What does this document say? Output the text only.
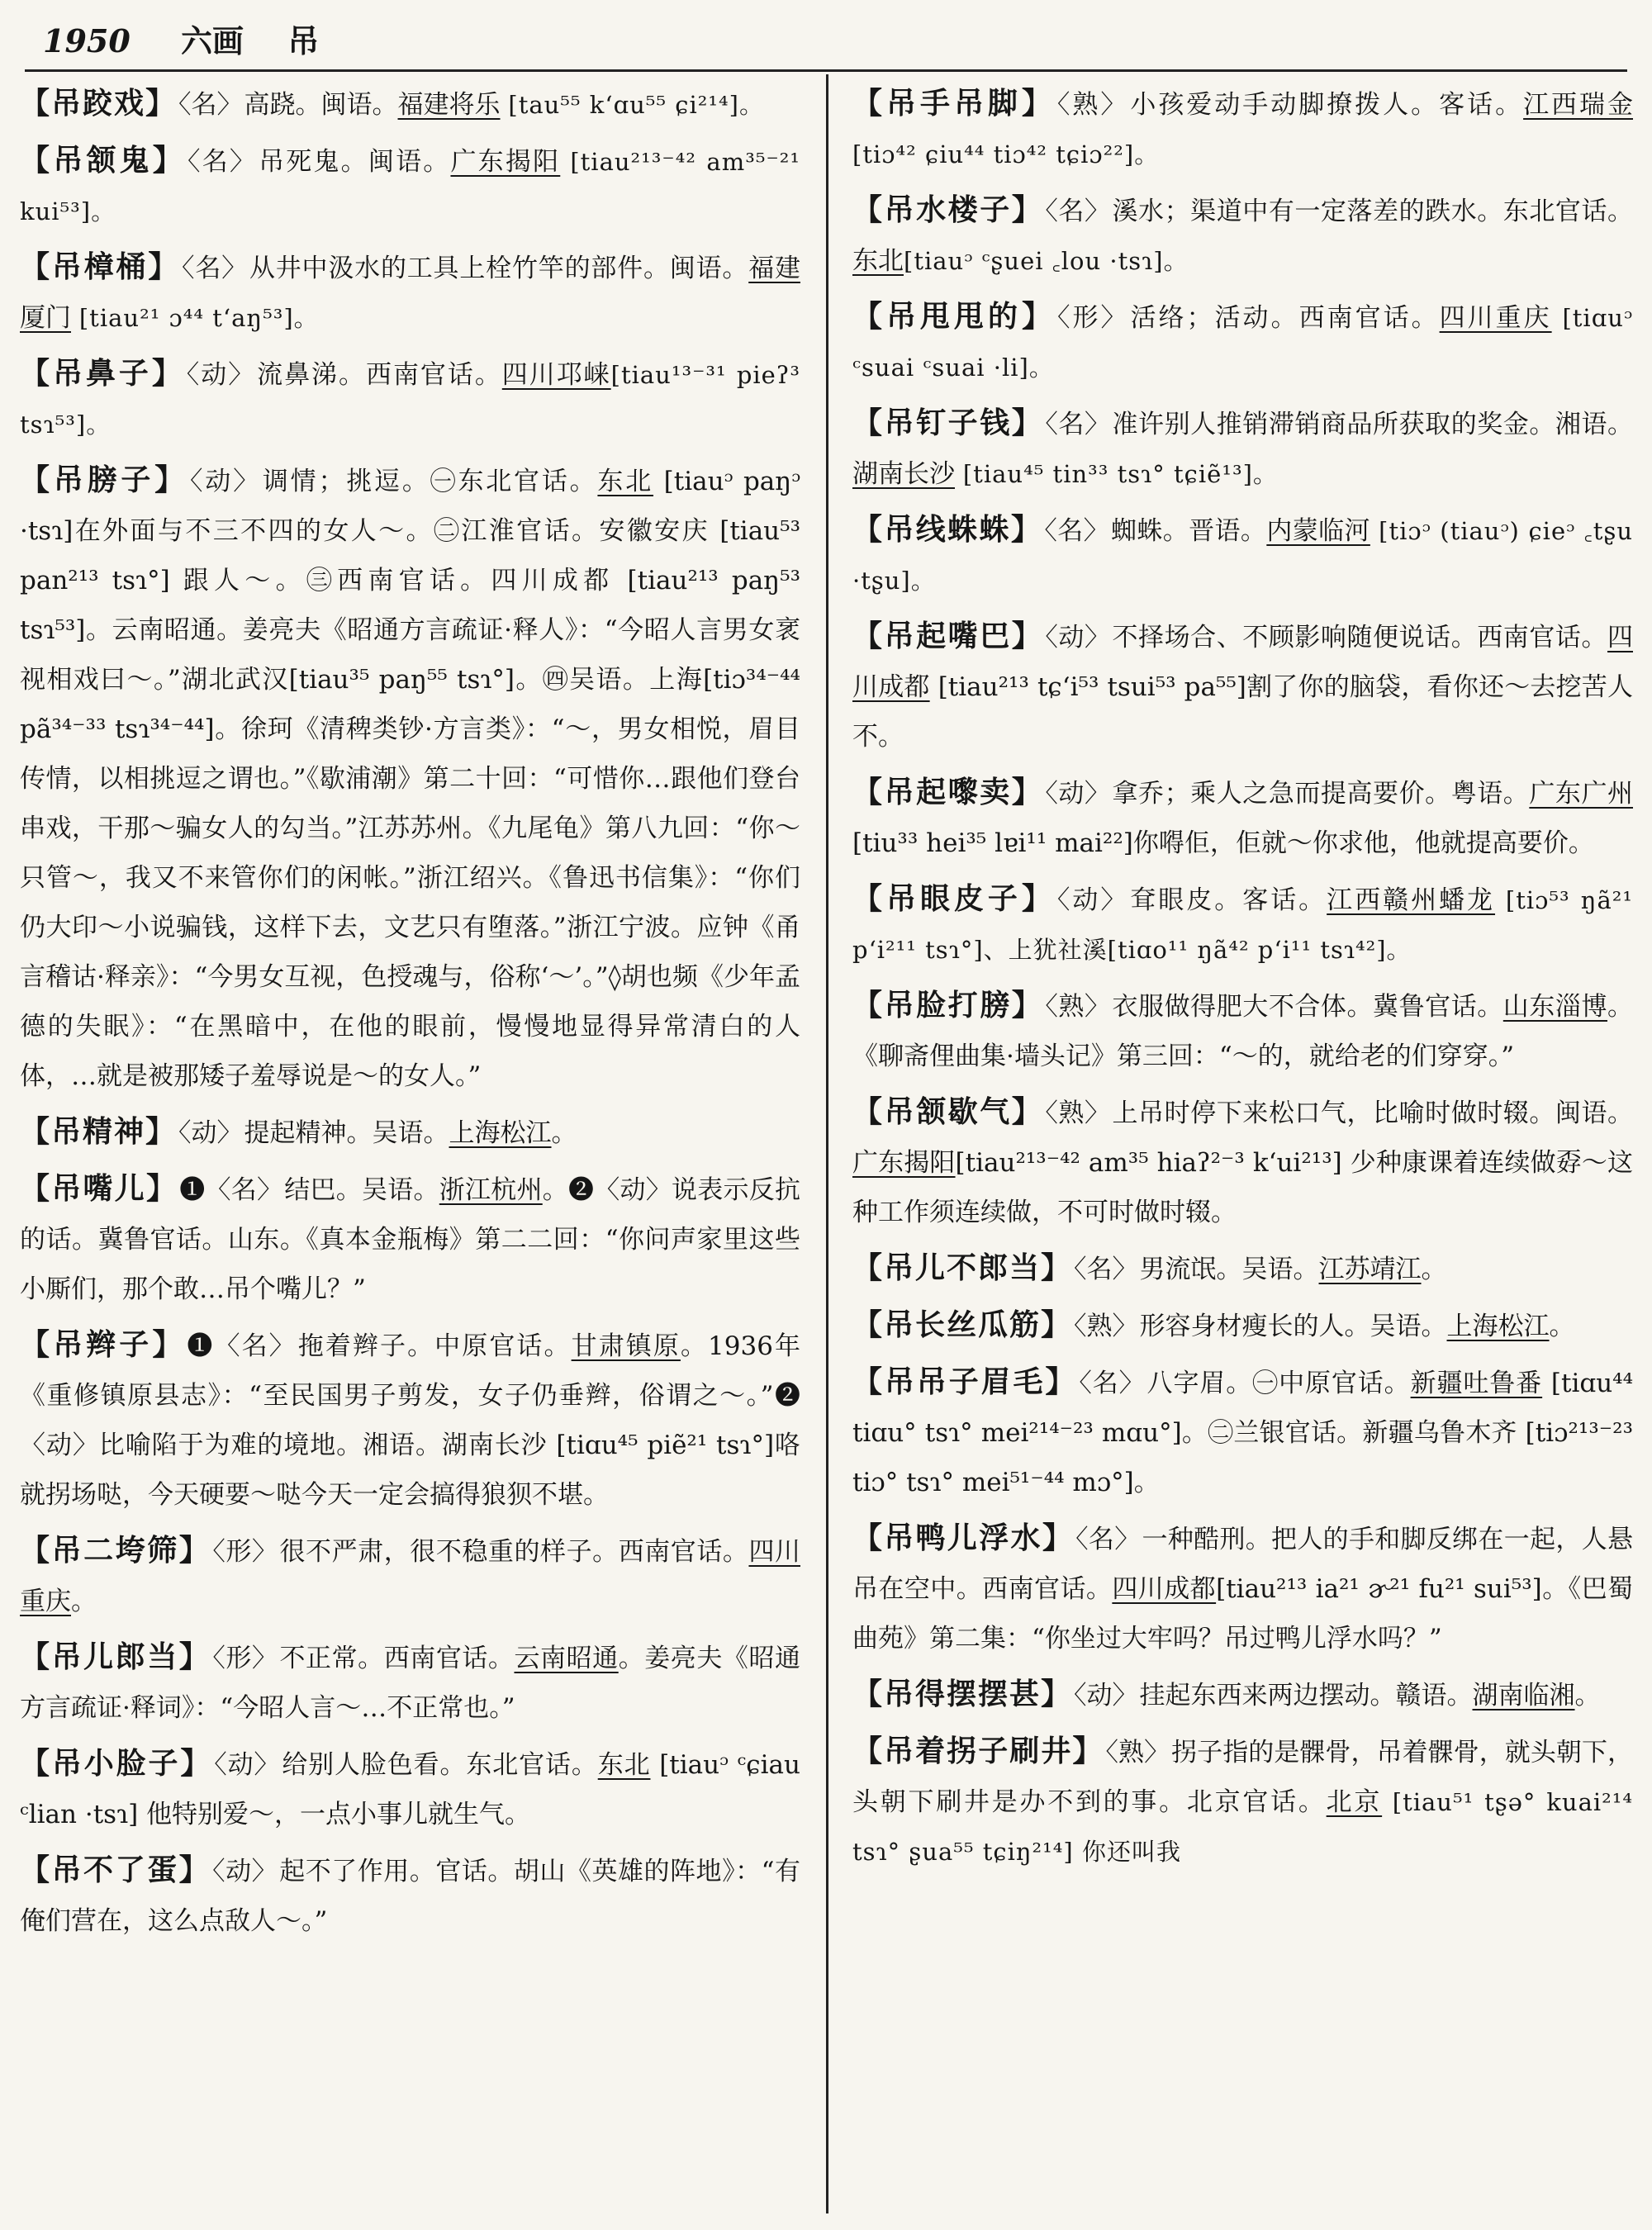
1950 六画 吊
【吊跤戏】〈名〉高跷。闽语。福建将乐 [tau⁵⁵ kʻɑu⁵⁵ ɕi²¹⁴]。
【吊颔鬼】〈名〉吊死鬼。闽语。广东揭阳 [tiau²¹³⁻⁴² am³⁵⁻²¹ kui⁵³]。
【吊樟桶】〈名〉从井中汲水的工具上栓竹竿的部件。闽语。福建厦门 [tiau²¹ ɔ⁴⁴ tʻaŋ⁵³]。
【吊鼻子】〈动〉流鼻涕。西南官话。四川邛崃[tiau¹³⁻³¹ pieʔ³ tsɿ⁵³]。
【吊膀子】〈动〉调情；挑逗。㊀东北官话。东北 [tiauᵓ paŋᵓ ·tsɿ]在外面与不三不四的女人～。㊁江淮官话。安徽安庆 [tiau⁵³ pan²¹³ tsɿ°] 跟人～。㊂西南官话。四川成都 [tiau²¹³ paŋ⁵³ tsɿ⁵³]。云南昭通。姜亮夫《昭通方言疏证·释人》：“今昭人言男女衺视相戏曰～。”湖北武汉[tiau³⁵ paŋ⁵⁵ tsɿ°]。㊃吴语。上海[tiɔ³⁴⁻⁴⁴ pã³⁴⁻³³ tsɿ³⁴⁻⁴⁴]。徐珂《清稗类钞·方言类》：“～，男女相悦，眉目传情，以相挑逗之谓也。”《歇浦潮》第二十回：“可惜你…跟他们登台串戏，干那～骗女人的勾当。”江苏苏州。《九尾龟》第八九回：“你～只管～，我又不来管你们的闲帐。”浙江绍兴。《鲁迅书信集》：“你们仍大印～小说骗钱，这样下去，文艺只有堕落。”浙江宁波。应钟《甬言稽诂·释亲》：“今男女互视，色授魂与，俗称‘～’。”◊胡也频《少年孟德的失眠》：“在黑暗中，在他的眼前，慢慢地显得异常清白的人体，…就是被那矮子羞辱说是～的女人。”
【吊精神】〈动〉提起精神。吴语。上海松江。
【吊嘴儿】❶〈名〉结巴。吴语。浙江杭州。❷〈动〉说表示反抗的话。冀鲁官话。山东。《真本金瓶梅》第二二回：“你问声家里这些小厮们，那个敢…吊个嘴儿？”
【吊辫子】❶〈名〉拖着辫子。中原官话。甘肃镇原。1936年《重修镇原县志》：“至民国男子剪发，女子仍垂辫，俗谓之～。”❷〈动〉比喻陷于为难的境地。湘语。湖南长沙 [tiɑu⁴⁵ piẽ²¹ tsɿ°]咯就拐场哒，今天硬要～哒今天一定会搞得狼狈不堪。
【吊二垮筛】〈形〉很不严肃，很不稳重的样子。西南官话。四川重庆。
【吊儿郎当】〈形〉不正常。西南官话。云南昭通。姜亮夫《昭通方言疏证·释词》：“今昭人言～…不正常也。”
【吊小脸子】〈动〉给别人脸色看。东北官话。东北 [tiauᵓ ᶜɕiau ᶜlian ·tsɿ] 他特别爱～，一点小事儿就生气。
【吊不了蛋】〈动〉起不了作用。官话。胡山《英雄的阵地》：“有俺们营在，这么点敌人～。”
【吊手吊脚】〈熟〉小孩爱动手动脚撩拨人。客话。江西瑞金 [tiɔ⁴² ɕiu⁴⁴ tiɔ⁴² tɕiɔ²²]。
【吊水楼子】〈名〉溪水；渠道中有一定落差的跌水。东北官话。东北[tiauᵓ ᶜʂuei ꜀lou ·tsɿ]。
【吊甩甩的】〈形〉活络；活动。西南官话。四川重庆 [tiɑuᵓ ᶜsuai ᶜsuai ·li]。
【吊钉子钱】〈名〉准许别人推销滞销商品所获取的奖金。湘语。湖南长沙 [tiau⁴⁵ tin³³ tsɿ° tɕiẽ¹³]。
【吊线蛛蛛】〈名〉蜘蛛。晋语。内蒙临河 [tiɔᵓ (tiauᵓ) ɕieᵓ ꜀tʂu ·tʂu]。
【吊起嘴巴】〈动〉不择场合、不顾影响随便说话。西南官话。四川成都 [tiau²¹³ tɕʻi⁵³ tsui⁵³ pa⁵⁵]割了你的脑袋，看你还～去挖苦人不。
【吊起嚟卖】〈动〉拿乔；乘人之急而提高要价。粤语。广东广州 [tiu³³ hei³⁵ lɐi¹¹ mai²²]你嘚佢，佢就～你求他，他就提高要价。
【吊眼皮子】〈动〉耷眼皮。客话。江西赣州蟠龙 [tiɔ⁵³ ŋã²¹ pʻi²¹¹ tsɿ°]、上犹社溪[tiɑo¹¹ ŋã⁴² pʻi¹¹ tsɿ⁴²]。
【吊脸打膀】〈熟〉衣服做得肥大不合体。冀鲁官话。山东淄博。《聊斋俚曲集·墙头记》第三回：“～的，就给老的们穿穿。”
【吊颔歇气】〈熟〉上吊时停下来松口气，比喻时做时辍。闽语。广东揭阳[tiau²¹³⁻⁴² am³⁵ hiaʔ²⁻³ kʻui²¹³] 少种康课着连续做孬～这种工作须连续做，不可时做时辍。
【吊儿不郎当】〈名〉男流氓。吴语。江苏靖江。
【吊长丝瓜筋】〈熟〉形容身材瘦长的人。吴语。上海松江。
【吊吊子眉毛】〈名〉八字眉。㊀中原官话。新疆吐鲁番 [tiɑu⁴⁴ tiɑu° tsɿ° mei²¹⁴⁻²³ mɑu°]。㊁兰银官话。新疆乌鲁木齐 [tiɔ²¹³⁻²³ tiɔ° tsɿ° mei⁵¹⁻⁴⁴ mɔ°]。
【吊鸭儿浮水】〈名〉一种酷刑。把人的手和脚反绑在一起，人悬吊在空中。西南官话。四川成都[tiau²¹³ ia²¹ ɚ²¹ fu²¹ sui⁵³]。《巴蜀曲苑》第二集：“你坐过大牢吗？吊过鸭儿浮水吗？”
【吊得摆摆甚】〈动〉挂起东西来两边摆动。赣语。湖南临湘。
【吊着拐子刷井】〈熟〉拐子指的是髁骨，吊着髁骨，就头朝下，头朝下刷井是办不到的事。北京官话。北京 [tiau⁵¹ tʂə° kuai²¹⁴ tsɿ° ʂua⁵⁵ tɕiŋ²¹⁴] 你还叫我
